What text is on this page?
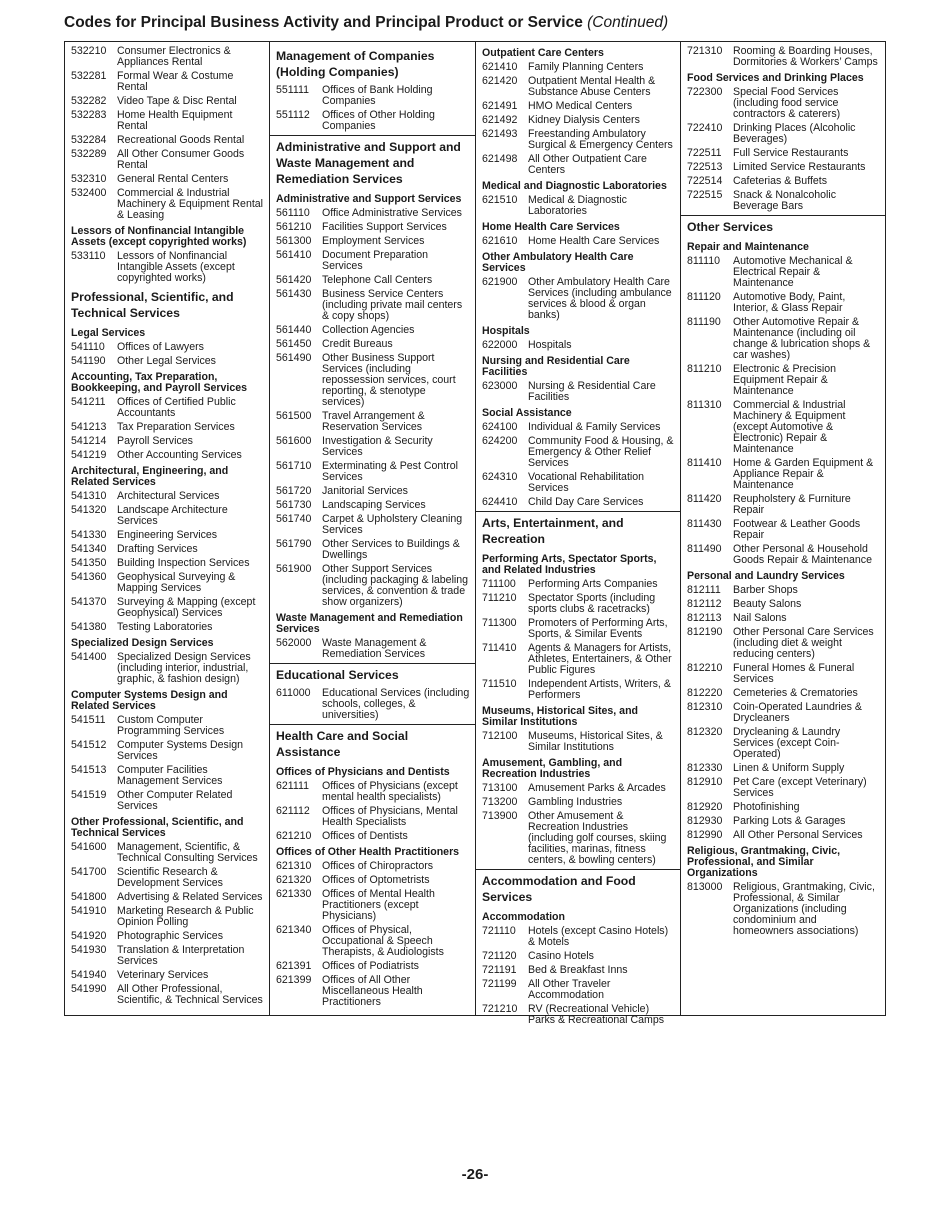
Codes for Principal Business Activity and Principal Product or Service (Continued)
532210	Consumer Electronics & Appliances Rental
532281	Formal Wear & Costume Rental
532282	Video Tape & Disc Rental
532283	Home Health Equipment Rental
532284	Recreational Goods Rental
532289	All Other Consumer Goods Rental
532310	General Rental Centers
532400	Commercial & Industrial Machinery & Equipment Rental & Leasing
Lessors of Nonfinancial Intangible Assets (except copyrighted works)
533110	Lessors of Nonfinancial Intangible Assets (except copyrighted works)
Professional, Scientific, and Technical Services
Legal Services
541110	Offices of Lawyers
541190	Other Legal Services
Accounting, Tax Preparation, Bookkeeping, and Payroll Services
541211	Offices of Certified Public Accountants
541213	Tax Preparation Services
541214	Payroll Services
541219	Other Accounting Services
Architectural, Engineering, and Related Services
541310	Architectural Services
541320	Landscape Architecture Services
541330	Engineering Services
541340	Drafting Services
541350	Building Inspection Services
541360	Geophysical Surveying & Mapping Services
541370	Surveying & Mapping (except Geophysical) Services
541380	Testing Laboratories
Specialized Design Services
541400	Specialized Design Services (including interior, industrial, graphic, & fashion design)
Computer Systems Design and Related Services
541511	Custom Computer Programming Services
541512	Computer Systems Design Services
541513	Computer Facilities Management Services
541519	Other Computer Related Services
Other Professional, Scientific, and Technical Services
541600	Management, Scientific, & Technical Consulting Services
541700	Scientific Research & Development Services
541800	Advertising & Related Services
541910	Marketing Research & Public Opinion Polling
541920	Photographic Services
541930	Translation & Interpretation Services
541940	Veterinary Services
541990	All Other Professional, Scientific, & Technical Services
Management of Companies (Holding Companies)
551111	Offices of Bank Holding Companies
551112	Offices of Other Holding Companies
Administrative and Support and Waste Management and Remediation Services
Administrative and Support Services
561110	Office Administrative Services
561210	Facilities Support Services
561300	Employment Services
561410	Document Preparation Services
561420	Telephone Call Centers
561430	Business Service Centers (including private mail centers & copy shops)
561440	Collection Agencies
561450	Credit Bureaus
561490	Other Business Support Services (including repossession services, court reporting, & stenotype services)
561500	Travel Arrangement & Reservation Services
561600	Investigation & Security Services
561710	Exterminating & Pest Control Services
561720	Janitorial Services
561730	Landscaping Services
561740	Carpet & Upholstery Cleaning Services
561790	Other Services to Buildings & Dwellings
561900	Other Support Services (including packaging & labeling services, & convention & trade show organizers)
Waste Management and Remediation Services
562000	Waste Management & Remediation Services
Educational Services
611000	Educational Services (including schools, colleges, & universities)
Health Care and Social Assistance
Offices of Physicians and Dentists
621111	Offices of Physicians (except mental health specialists)
621112	Offices of Physicians, Mental Health Specialists
621210	Offices of Dentists
Offices of Other Health Practitioners
621310	Offices of Chiropractors
621320	Offices of Optometrists
621330	Offices of Mental Health Practitioners (except Physicians)
621340	Offices of Physical, Occupational & Speech Therapists, & Audiologists
621391	Offices of Podiatrists
621399	Offices of All Other Miscellaneous Health Practitioners
Outpatient Care Centers
621410	Family Planning Centers
621420	Outpatient Mental Health & Substance Abuse Centers
621491	HMO Medical Centers
621492	Kidney Dialysis Centers
621493	Freestanding Ambulatory Surgical & Emergency Centers
621498	All Other Outpatient Care Centers
Medical and Diagnostic Laboratories
621510	Medical & Diagnostic Laboratories
Home Health Care Services
621610	Home Health Care Services
Other Ambulatory Health Care Services
621900	Other Ambulatory Health Care Services (including ambulance services & blood & organ banks)
Hospitals
622000	Hospitals
Nursing and Residential Care Facilities
623000	Nursing & Residential Care Facilities
Social Assistance
624100	Individual & Family Services
624200	Community Food & Housing, & Emergency & Other Relief Services
624310	Vocational Rehabilitation Services
624410	Child Day Care Services
Arts, Entertainment, and Recreation
Performing Arts, Spectator Sports, and Related Industries
711100	Performing Arts Companies
711210	Spectator Sports (including sports clubs & racetracks)
711300	Promoters of Performing Arts, Sports, & Similar Events
711410	Agents & Managers for Artists, Athletes, Entertainers, & Other Public Figures
711510	Independent Artists, Writers, & Performers
Museums, Historical Sites, and Similar Institutions
712100	Museums, Historical Sites, & Similar Institutions
Amusement, Gambling, and Recreation Industries
713100	Amusement Parks & Arcades
713200	Gambling Industries
713900	Other Amusement & Recreation Industries (including golf courses, skiing facilities, marinas, fitness centers, & bowling centers)
Accommodation and Food Services
Accommodation
721110	Hotels (except Casino Hotels) & Motels
721120	Casino Hotels
721191	Bed & Breakfast Inns
721199	All Other Traveler Accommodation
721210	RV (Recreational Vehicle) Parks & Recreational Camps
721310	Rooming & Boarding Houses, Dormitories & Workers’ Camps
Food Services and Drinking Places
722300	Special Food Services (including food service contractors & caterers)
722410	Drinking Places (Alcoholic Beverages)
722511	Full Service Restaurants
722513	Limited Service Restaurants
722514	Cafeterias & Buffets
722515	Snack & Nonalcoholic Beverage Bars
Other Services
Repair and Maintenance
811110	Automotive Mechanical & Electrical Repair & Maintenance
811120	Automotive Body, Paint, Interior, & Glass Repair
811190	Other Automotive Repair & Maintenance (including oil change & lubrication shops & car washes)
811210	Electronic & Precision Equipment Repair & Maintenance
811310	Commercial & Industrial Machinery & Equipment (except Automotive & Electronic) Repair & Maintenance
811410	Home & Garden Equipment & Appliance Repair & Maintenance
811420	Reupholstery & Furniture Repair
811430	Footwear & Leather Goods Repair
811490	Other Personal & Household Goods Repair & Maintenance
Personal and Laundry Services
812111	Barber Shops
812112	Beauty Salons
812113	Nail Salons
812190	Other Personal Care Services (including diet & weight reducing centers)
812210	Funeral Homes & Funeral Services
812220	Cemeteries & Crematories
812310	Coin-Operated Laundries & Drycleaners
812320	Drycleaning & Laundry Services (except Coin-Operated)
812330	Linen & Uniform Supply
812910	Pet Care (except Veterinary) Services
812920	Photofinishing
812930	Parking Lots & Garages
812990	All Other Personal Services
Religious, Grantmaking, Civic, Professional, and Similar Organizations
813000	Religious, Grantmaking, Civic, Professional, & Similar Organizations (including condominium and homeowners associations)
-26-
